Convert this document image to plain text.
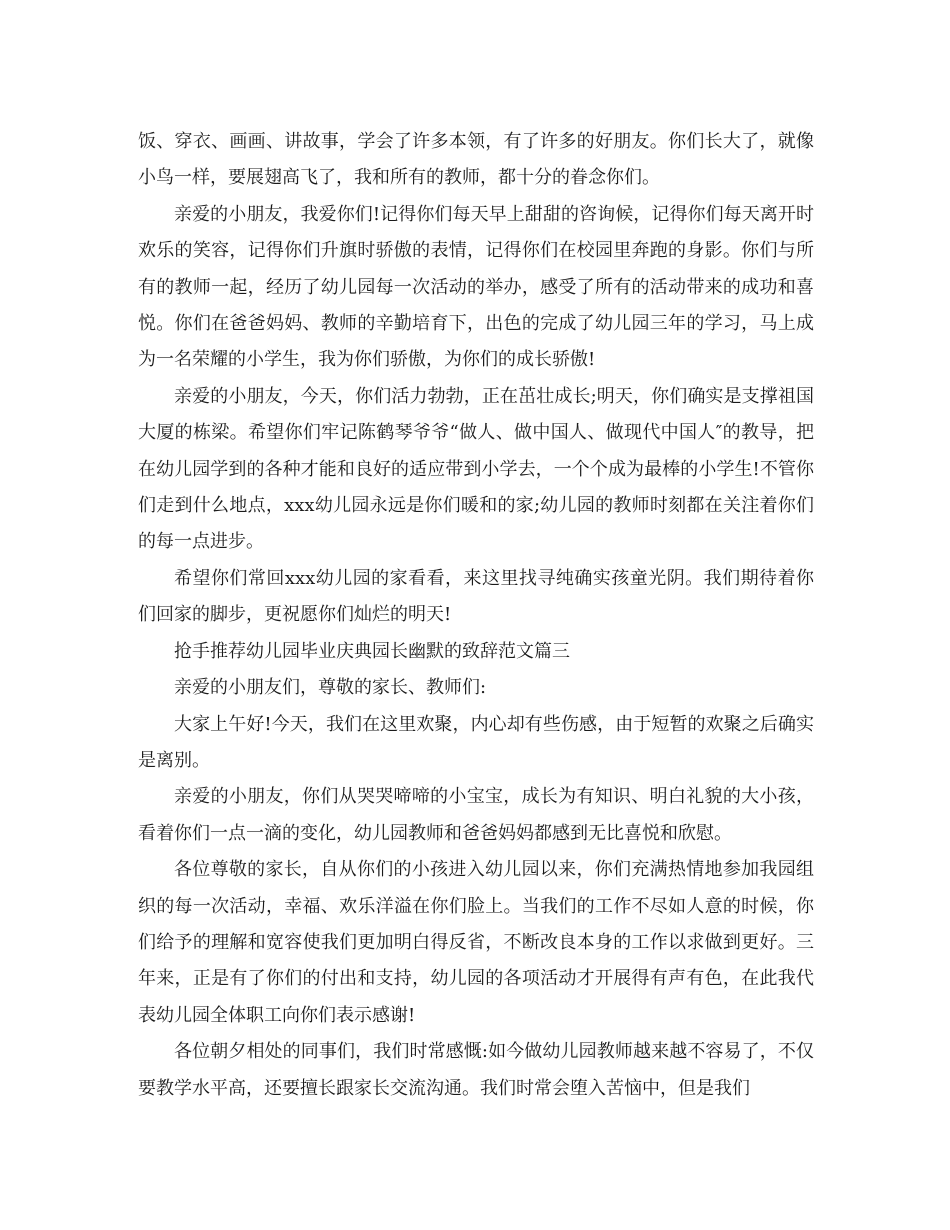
饭、穿衣、画画、讲故事，学会了许多本领，有了许多的好朋友。你们长大了，就像小鸟一样，要展翅高飞了，我和所有的教师，都十分的眷念你们。

亲爱的小朋友，我爱你们!记得你们每天早上甜甜的咨询候，记得你们每天离开时欢乐的笑容，记得你们升旗时骄傲的表情，记得你们在校园里奔跑的身影。你们与所有的教师一起，经历了幼儿园每一次活动的举办，感受了所有的活动带来的成功和喜悦。你们在爸爸妈妈、教师的辛勤培育下，出色的完成了幼儿园三年的学习，马上成为一名荣耀的小学生，我为你们骄傲，为你们的成长骄傲!

亲爱的小朋友，今天，你们活力勃勃，正在茁壮成长;明天，你们确实是支撑祖国大厦的栋梁。希望你们牢记陈鹤琴爷爷“做人、做中国人、做现代中国人″的教导，把在幼儿园学到的各种才能和良好的适应带到小学去，一个个成为最棒的小学生!不管你们走到什么地点，xxx幼儿园永远是你们暖和的家;幼儿园的教师时刻都在关注着你们的每一点进步。

希望你们常回xxx幼儿园的家看看，来这里找寻纯确实孩童光阴。我们期待着你们回家的脚步，更祝愿你们灿烂的明天!

抢手推荐幼儿园毕业庆典园长幽默的致辞范文篇三

亲爱的小朋友们，尊敬的家长、教师们:

大家上午好!今天，我们在这里欢聚，内心却有些伤感，由于短暂的欢聚之后确实是离别。

亲爱的小朋友，你们从哭哭啼啼的小宝宝，成长为有知识、明白礼貌的大小孩，看着你们一点一滴的变化，幼儿园教师和爸爸妈妈都感到无比喜悦和欣慰。

各位尊敬的家长，自从你们的小孩进入幼儿园以来，你们充满热情地参加我园组织的每一次活动，幸福、欢乐洋溢在你们脸上。当我们的工作不尽如人意的时候，你们给予的理解和宽容使我们更加明白得反省，不断改良本身的工作以求做到更好。三年来，正是有了你们的付出和支持，幼儿园的各项活动才开展得有声有色，在此我代表幼儿园全体职工向你们表示感谢!

各位朝夕相处的同事们，我们时常感慨:如今做幼儿园教师越来越不容易了，不仅要教学水平高，还要擅长跟家长交流沟通。我们时常会堕入苦恼中，但是我们
